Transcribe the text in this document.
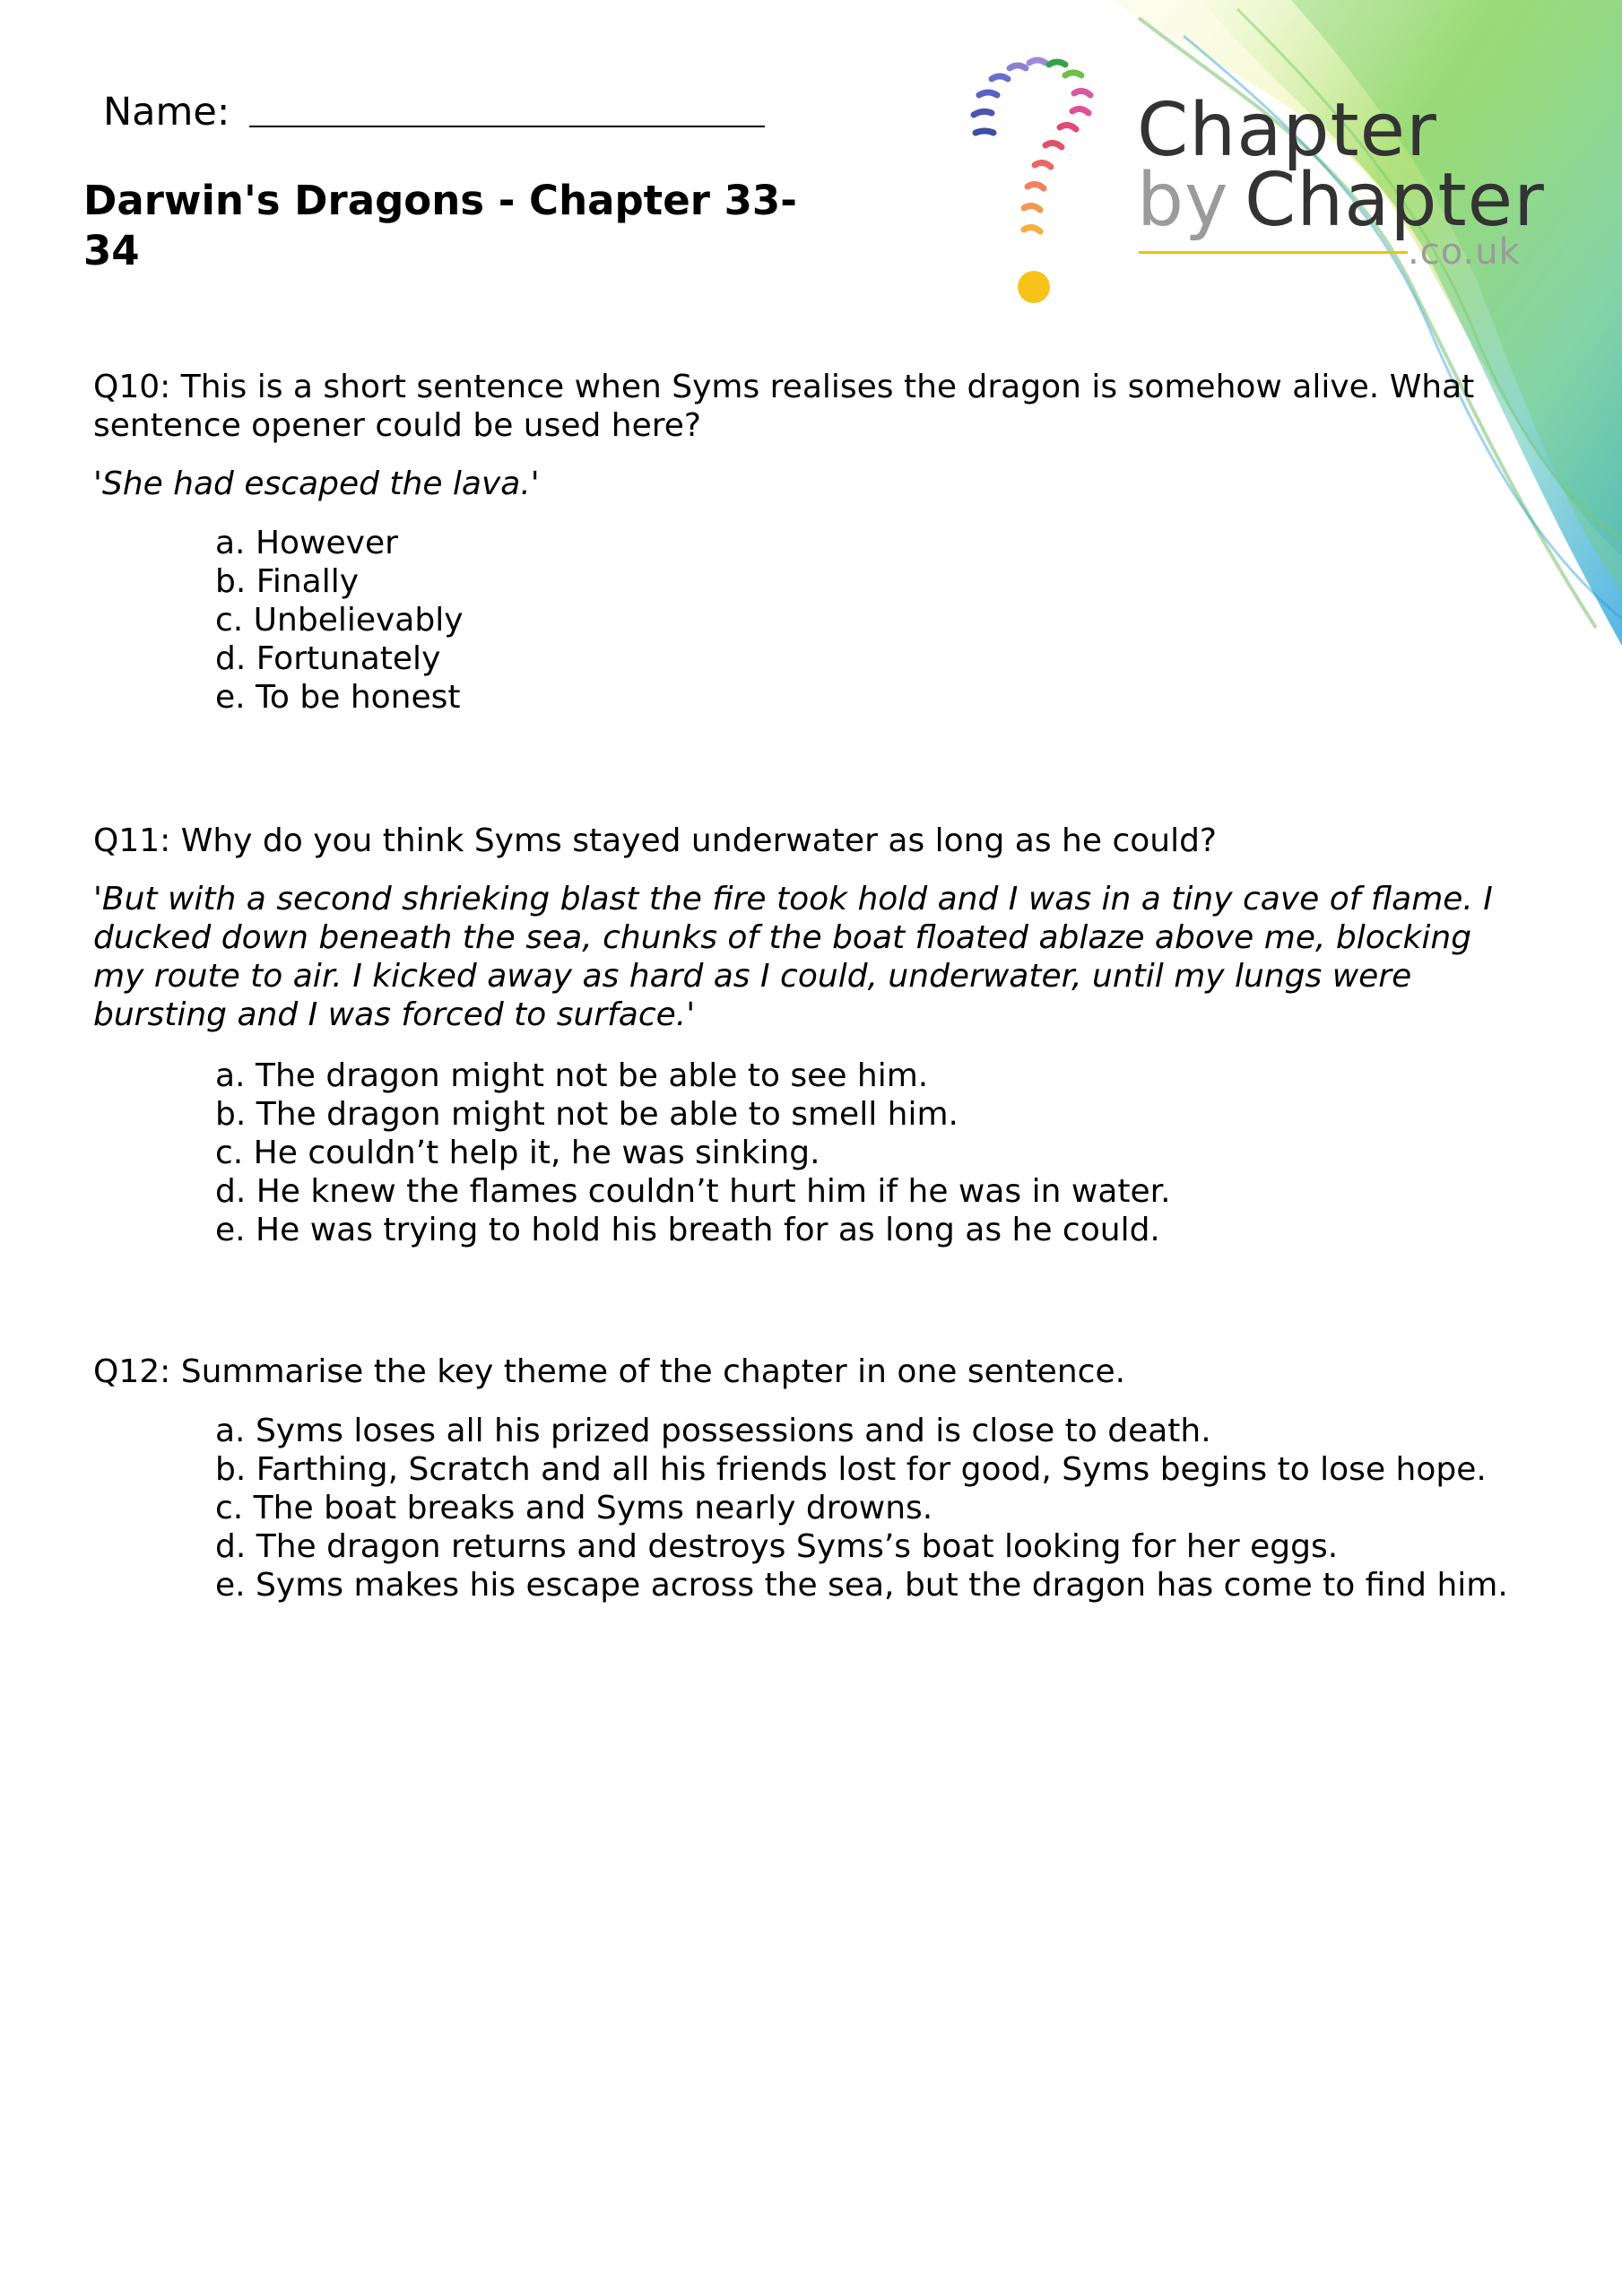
Chapter
by Chapter
.co.uk
Name:
Darwin's Dragons - Chapter 33-34
Q10: This is a short sentence when Syms realises the dragon is somehow alive. What sentence opener could be used here?
'She had escaped the lava.'
a. However
b. Finally
c. Unbelievably
d. Fortunately
e. To be honest
Q11: Why do you think Syms stayed underwater as long as he could?
'But with a second shrieking blast the fire took hold and I was in a tiny cave of flame. I ducked down beneath the sea, chunks of the boat floated ablaze above me, blocking my route to air. I kicked away as hard as I could, underwater, until my lungs were bursting and I was forced to surface.'
a. The dragon might not be able to see him.
b. The dragon might not be able to smell him.
c. He couldn’t help it, he was sinking.
d. He knew the flames couldn’t hurt him if he was in water.
e. He was trying to hold his breath for as long as he could.
Q12: Summarise the key theme of the chapter in one sentence.
a. Syms loses all his prized possessions and is close to death.
b. Farthing, Scratch and all his friends lost for good, Syms begins to lose hope.
c. The boat breaks and Syms nearly drowns.
d. The dragon returns and destroys Syms’s boat looking for her eggs.
e. Syms makes his escape across the sea, but the dragon has come to find him.
